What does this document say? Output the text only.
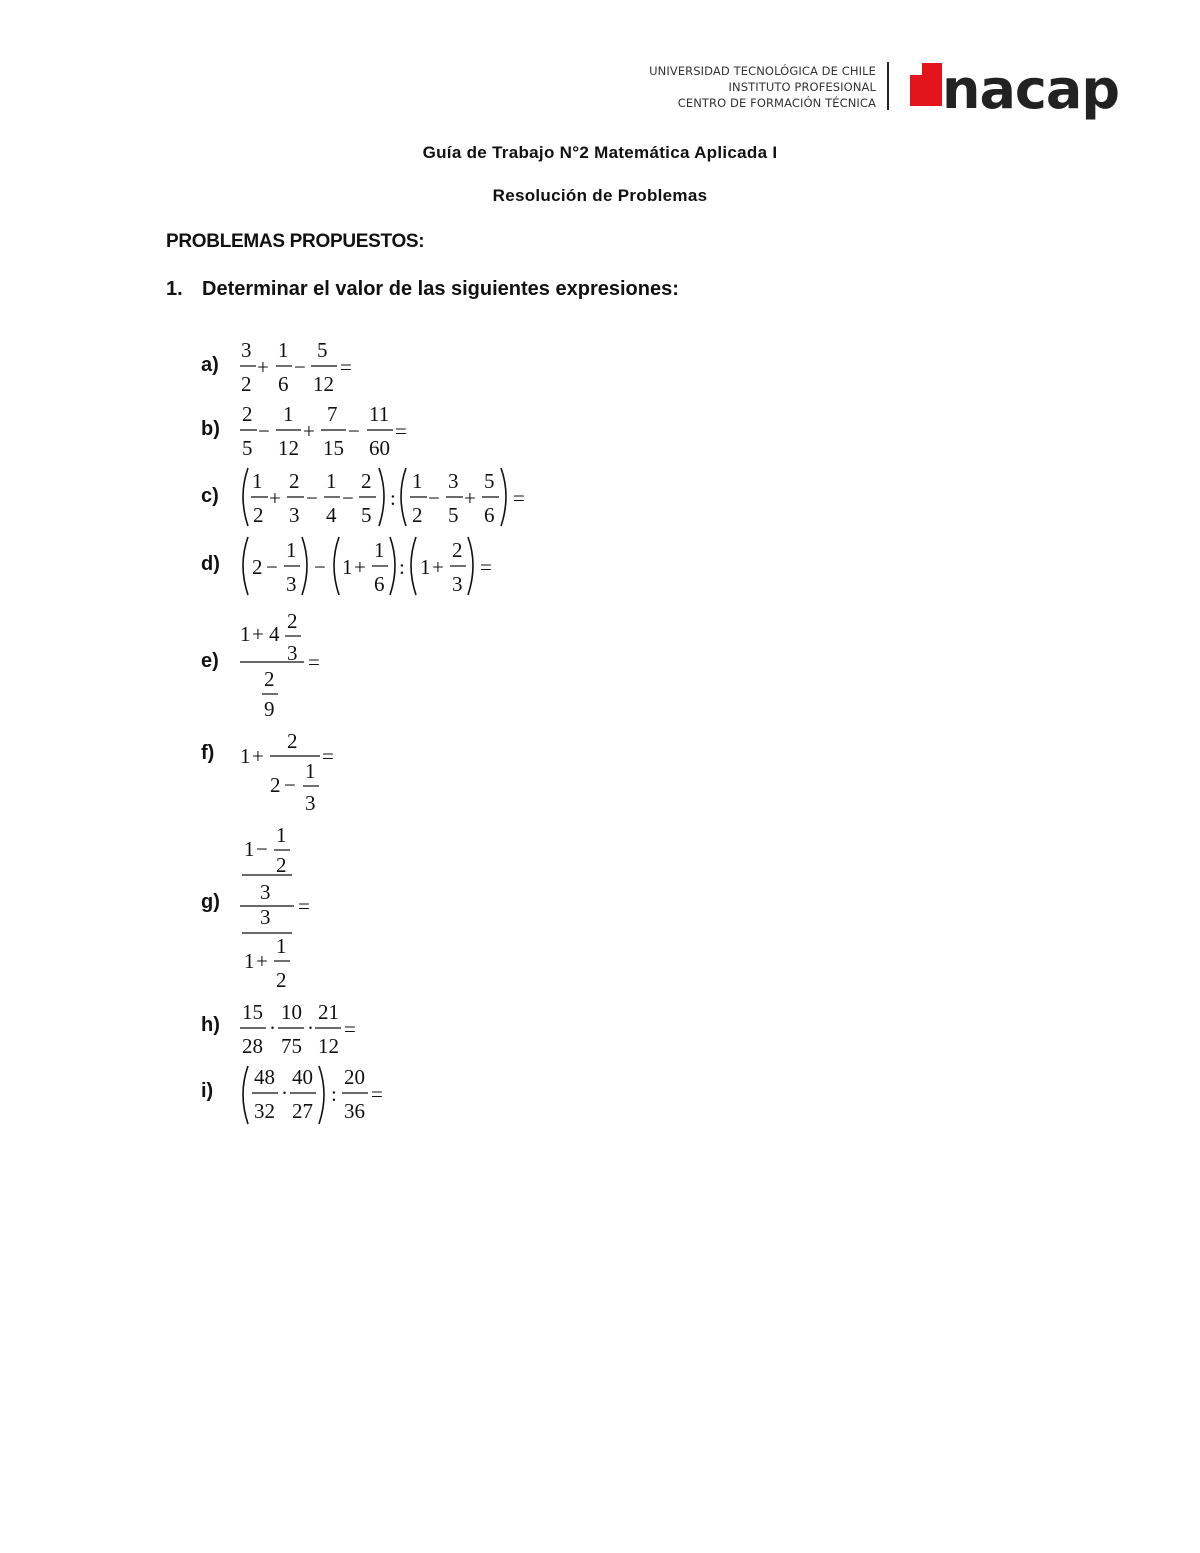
UNIVERSIDAD TECNOLÓGICA DE CHILE
INSTITUTO PROFESIONAL
CENTRO DE FORMACIÓN TÉCNICA nacap
Guía de Trabajo N°2 Matemática Aplicada I
Resolución de Problemas
PROBLEMAS PROPUESTOS:
1. Determinar el valor de las siguientes expresiones:
a)
b)
c)
d)
e)
f)
g)
h)
i)
3
2
+
1
6
−
5
12
=
2
5
−
1
12
+
7
15
−
11
60
=
1
2
+
2
3
−
1
4
−
2
5
:
1
2
−
3
5
+
5
6
=
2 −
1
3
− 1 +
1
6
: 1 +
2
3
=
1 + 4
2
3 =
2
9
1 +
2
=
2 −
1
3
1 −
1
2
3
=
3
1
2
1 +
15
28
·
10
75
·
21
12
=
48
32
·
40
27
:
20
36
=
